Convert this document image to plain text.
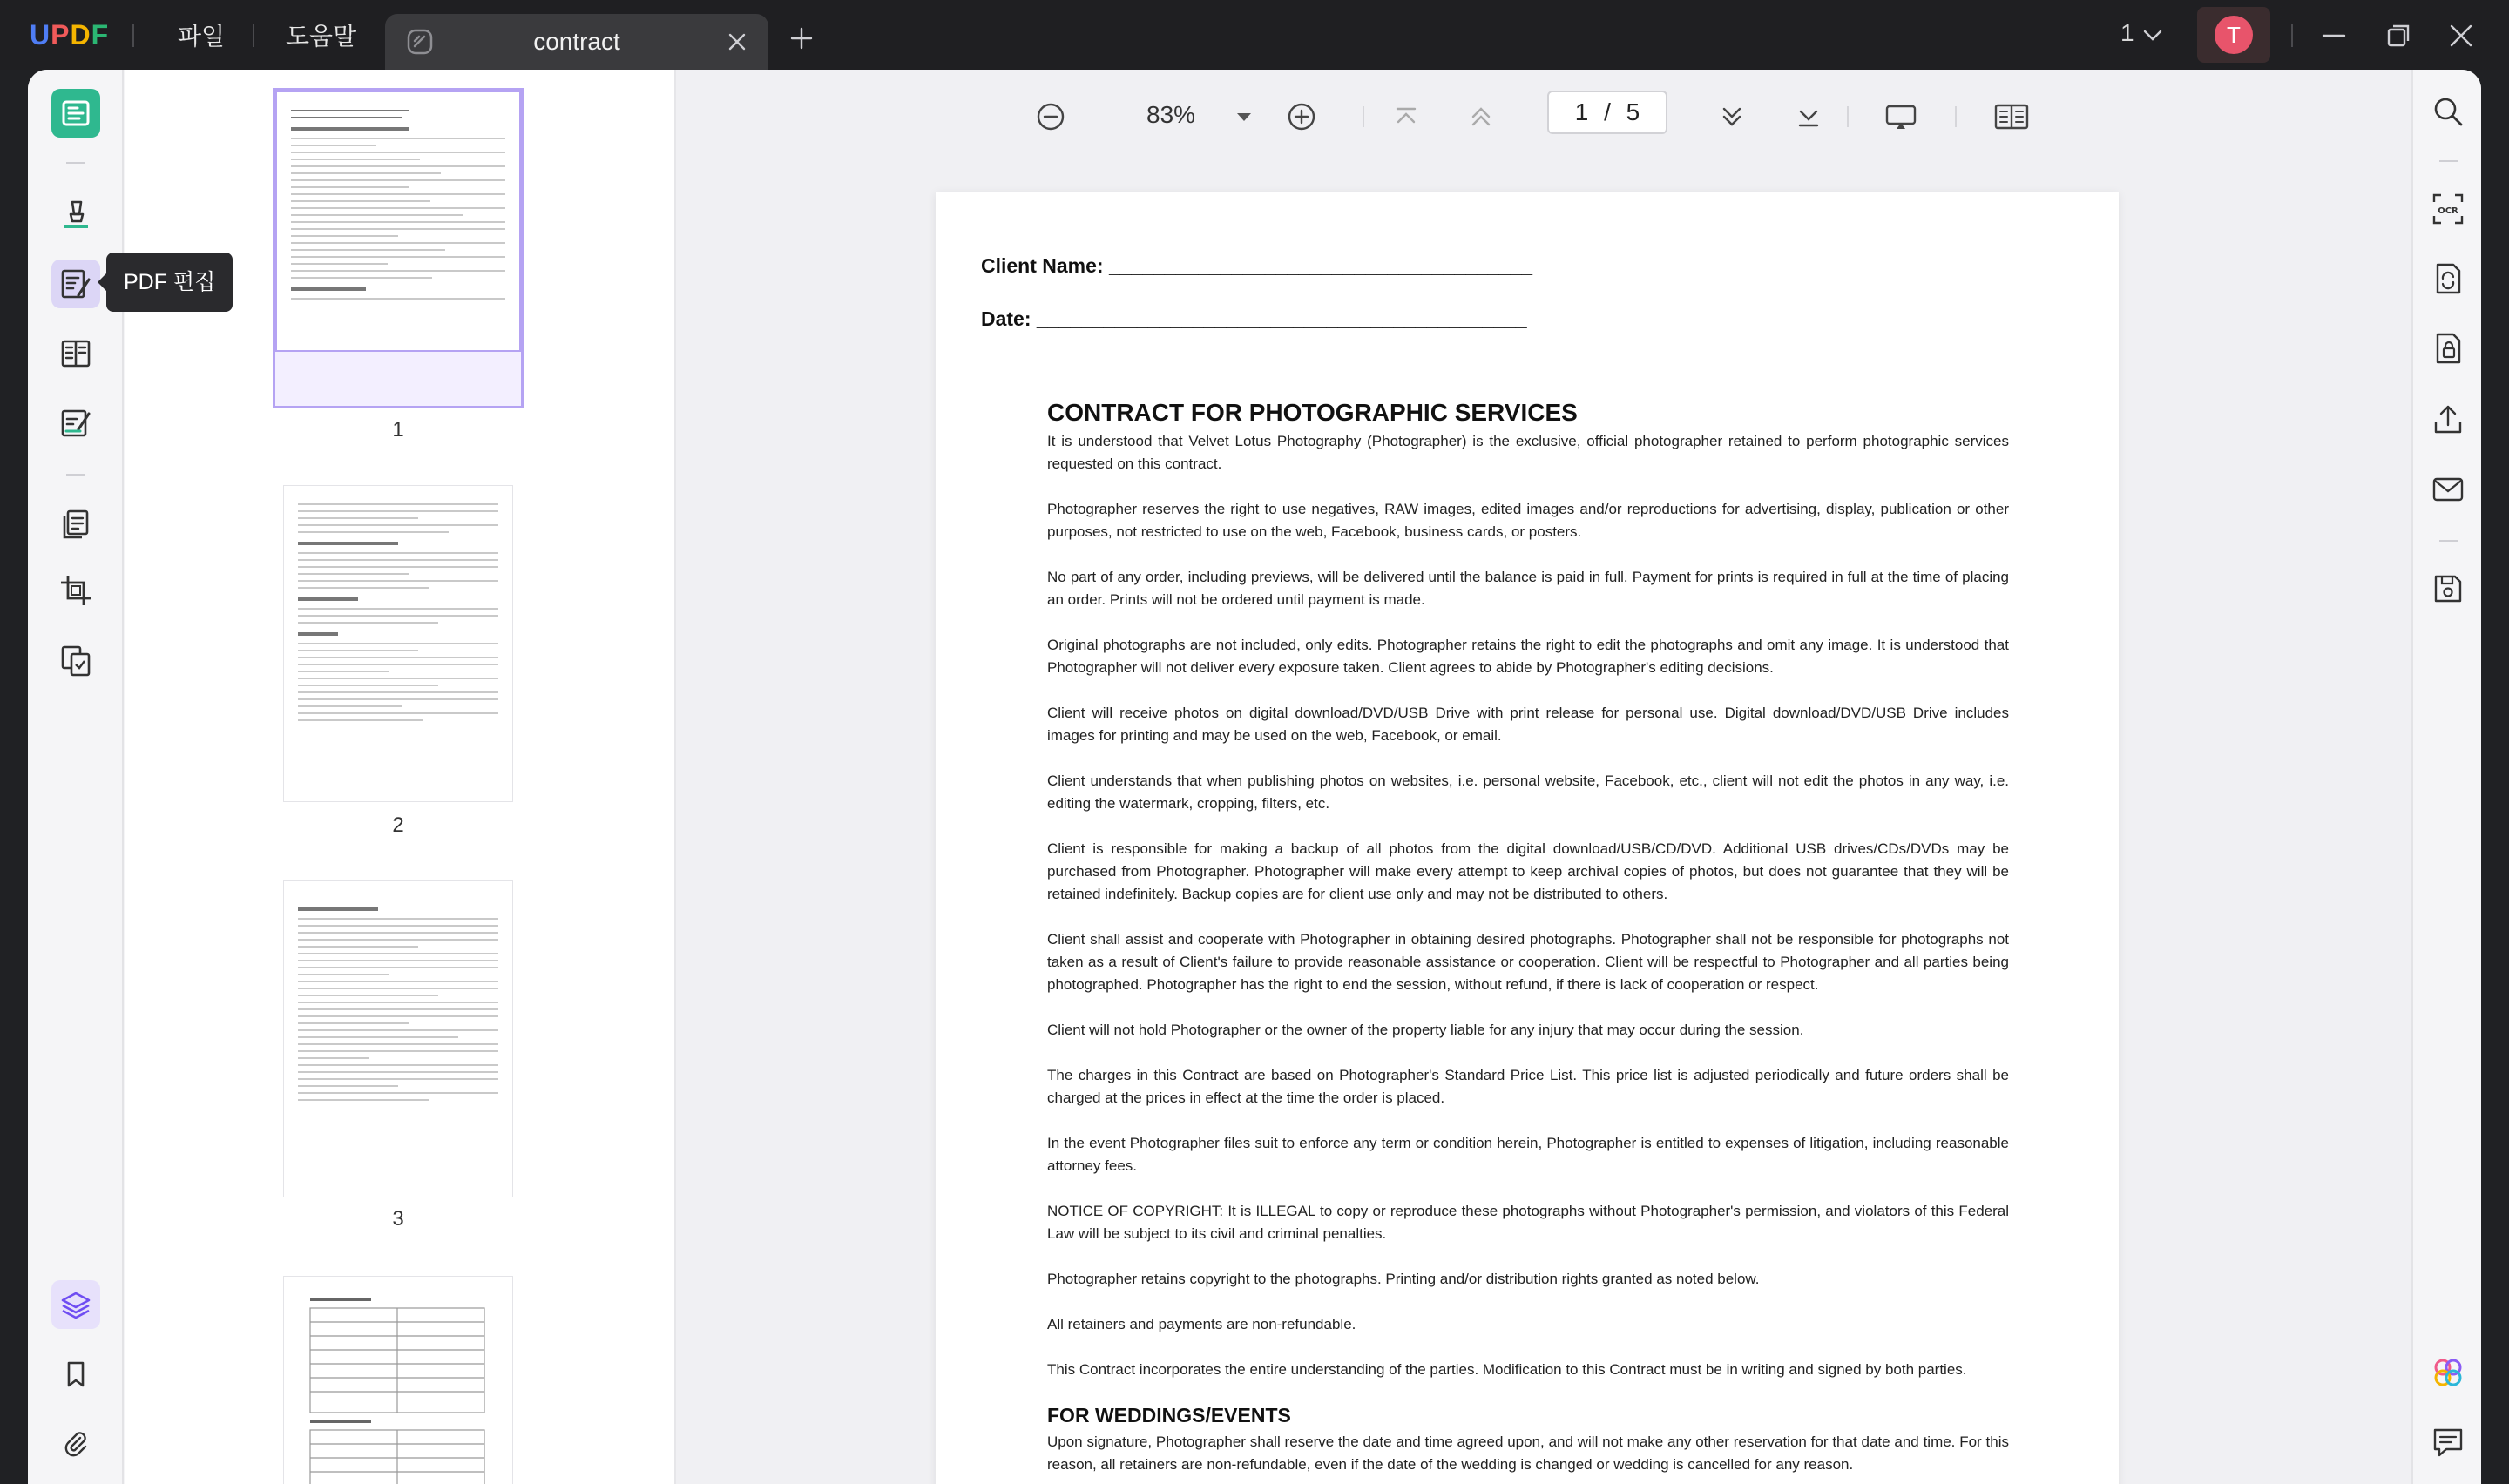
UPDF	파일 도움말	contract	1	T
PDF 편집
1
2
3
83%	1 / 5
Client Name: ______________________________________
Date: ____________________________________________
CONTRACT FOR PHOTOGRAPHIC SERVICES

It is understood that Velvet Lotus Photography (Photographer) is the exclusive, official photographer retained to perform photographic services requested on this contract.

Photographer reserves the right to use negatives, RAW images, edited images and/or reproductions for advertising, display, publication or other purposes, not restricted to use on the web, Facebook, business cards, or posters.

No part of any order, including previews, will be delivered until the balance is paid in full. Payment for prints is required in full at the time of placing an order. Prints will not be ordered until payment is made.

Original photographs are not included, only edits. Photographer retains the right to edit the photographs and omit any image. It is understood that Photographer will not deliver every exposure taken. Client agrees to abide by Photographer's editing decisions.

Client will receive photos on digital download/DVD/USB Drive with print release for personal use. Digital download/DVD/USB Drive includes images for printing and may be used on the web, Facebook, or email.

Client understands that when publishing photos on websites, i.e. personal website, Facebook, etc., client will not edit the photos in any way, i.e. editing the watermark, cropping, filters, etc.

Client is responsible for making a backup of all photos from the digital download/USB/CD/DVD. Additional USB drives/CDs/DVDs may be purchased from Photographer. Photographer will make every attempt to keep archival copies of photos, but does not guarantee that they will be retained indefinitely. Backup copies are for client use only and may not be distributed to others.

Client shall assist and cooperate with Photographer in obtaining desired photographs. Photographer shall not be responsible for photographs not taken as a result of Client's failure to provide reasonable assistance or cooperation. Client will be respectful to Photographer and all parties being photographed. Photographer has the right to end the session, without refund, if there is lack of cooperation or respect.

Client will not hold Photographer or the owner of the property liable for any injury that may occur during the session.

The charges in this Contract are based on Photographer's Standard Price List. This price list is adjusted periodically and future orders shall be charged at the prices in effect at the time the order is placed.

In the event Photographer files suit to enforce any term or condition herein, Photographer is entitled to expenses of litigation, including reasonable attorney fees.

NOTICE OF COPYRIGHT: It is ILLEGAL to copy or reproduce these photographs without Photographer's permission, and violators of this Federal Law will be subject to its civil and criminal penalties.

Photographer retains copyright to the photographs. Printing and/or distribution rights granted as noted below.

All retainers and payments are non-refundable.

This Contract incorporates the entire understanding of the parties. Modification to this Contract must be in writing and signed by both parties.

FOR WEDDINGS/EVENTS

Upon signature, Photographer shall reserve the date and time agreed upon, and will not make any other reservation for that date and time. For this reason, all retainers are non-refundable, even if the date of the wedding is changed or wedding is cancelled for any reason.

OCR
